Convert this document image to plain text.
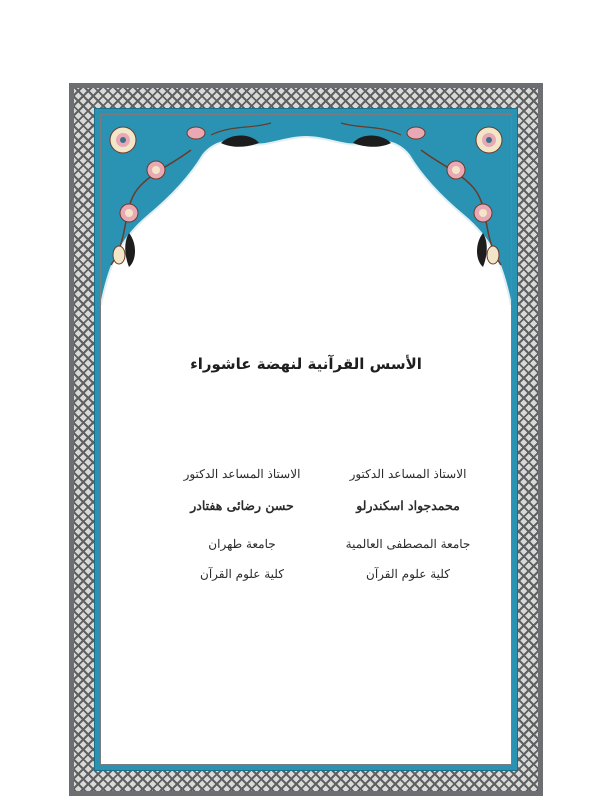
الأسس القرآنية لنهضة عاشوراء
الاستاذ المساعد الدكتور
محمدجواد اسکندرلو
جامعة المصطفی العالمية
كلية علوم القرآن
الاستاذ المساعد الدكتور
حسن رضائی هفتادر
جامعة طهران
كلية علوم القرآن
